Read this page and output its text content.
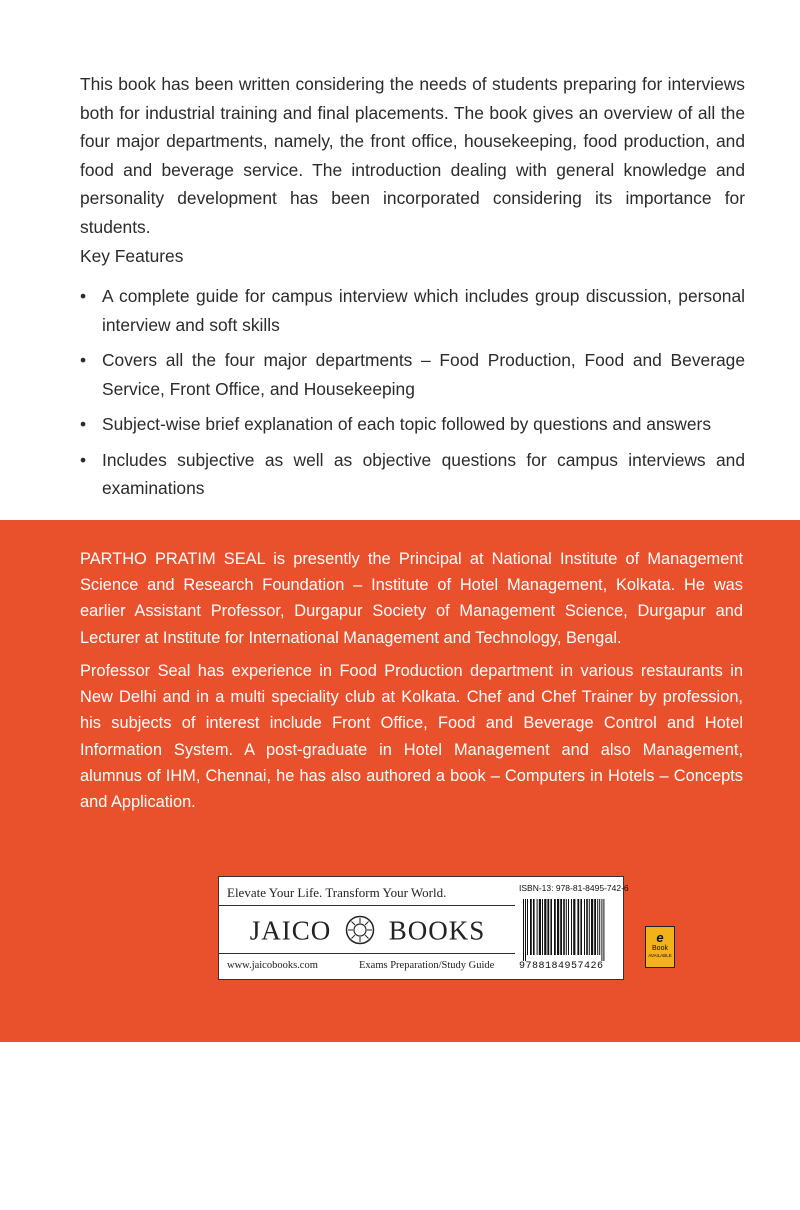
This book has been written considering the needs of students preparing for interviews both for industrial training and final placements. The book gives an overview of all the four major departments, namely, the front office, housekeeping, food production, and food and beverage service. The introduction dealing with general knowledge and personality development has been incorporated considering its importance for students.

Key Features

• A complete guide for campus interview which includes group discussion, personal interview and soft skills
• Covers all the four major departments – Food Production, Food and Beverage Service, Front Office, and Housekeeping
• Subject-wise brief explanation of each topic followed by questions and answers
• Includes subjective as well as objective questions for campus interviews and examinations

PARTHO PRATIM SEAL is presently the Principal at National Institute of Management Science and Research Foundation – Institute of Hotel Management, Kolkata. He was earlier Assistant Professor, Durgapur Society of Management Science, Durgapur and Lecturer at Institute for International Management and Technology, Bengal.

Professor Seal has experience in Food Production department in various restaurants in New Delhi and in a multi speciality club at Kolkata. Chef and Chef Trainer by profession, his subjects of interest include Front Office, Food and Beverage Control and Hotel Information System. A post-graduate in Hotel Management and also Management, alumnus of IHM, Chennai, he has also authored a book – Computers in Hotels – Concepts and Application.

Elevate Your Life. Transform Your World.
JAICO BOOKS
www.jaicobooks.com	Exams Preparation/Study Guide
ISBN-13: 978-81-8495-742-6
9788184957426
e
Book
AVAILABLE
